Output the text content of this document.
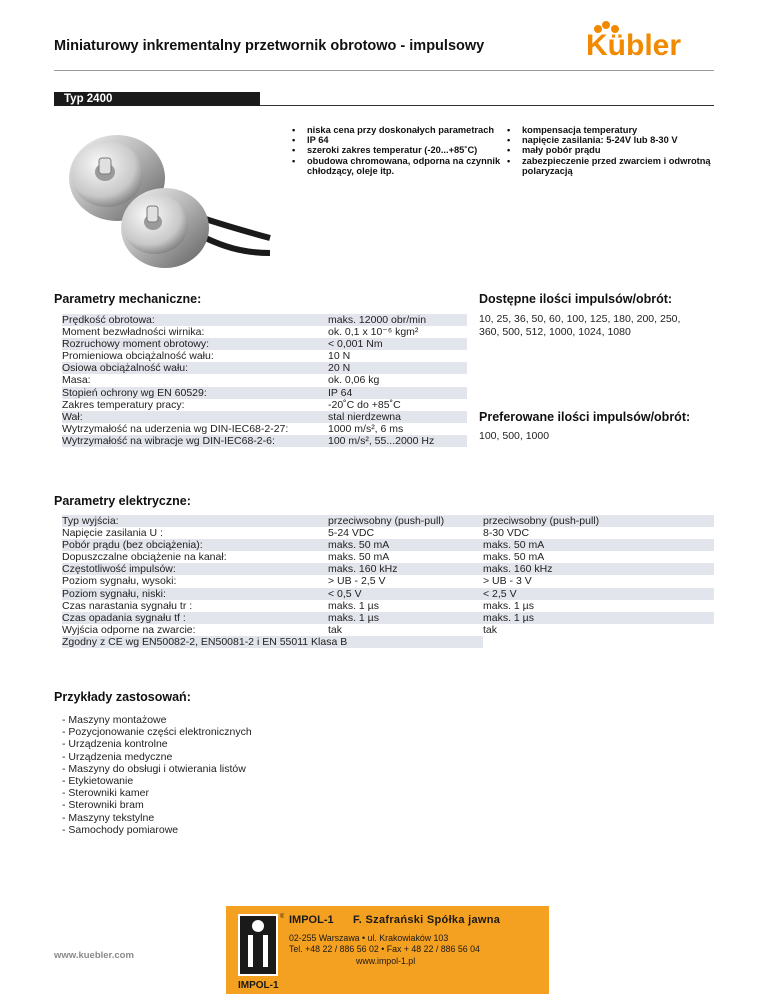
Miniaturowy inkrementalny przetwornik obrotowo - impulsowy	Kübler
Typ 2400
• niska cena przy doskonałych parametrach
• IP 64
• szeroki zakres temperatur (-20...+85˚C)
• obudowa chromowana, odporna na czynnik chłodzący, oleje itp.
• kompensacja temperatury
• napięcie zasilania: 5-24V lub 8-30 V
• mały pobór prądu
• zabezpieczenie przed zwarciem i odwrotną polaryzacją
Parametry mechaniczne:
Prędkość obrotowa:	maks. 12000 obr/min
Moment bezwładności wirnika:	ok. 0,1 x 10⁻⁶ kgm²
Rozruchowy moment obrotowy:	< 0,001 Nm
Promieniowa obciążalność wału:	10 N
Osiowa obciążalność wału:	20 N
Masa:	ok. 0,06 kg
Stopień ochrony wg EN 60529:	IP 64
Zakres temperatury pracy:	-20˚C do +85˚C
Wał:	stal nierdzewna
Wytrzymałość na uderzenia wg DIN-IEC68-2-27:	1000 m/s², 6 ms
Wytrzymałość na wibracje wg DIN-IEC68-2-6:	100 m/s², 55...2000 Hz
Dostępne ilości impulsów/obrót:
10, 25, 36, 50, 60, 100, 125, 180, 200, 250,
360, 500, 512, 1000, 1024, 1080
Preferowane ilości impulsów/obrót:
100, 500, 1000
Parametry elektryczne:
Typ wyjścia:	przeciwsobny (push-pull)	przeciwsobny (push-pull)
Napięcie zasilania U :	5-24 VDC	8-30 VDC
Pobór prądu (bez obciążenia):	maks. 50 mA	maks. 50 mA
Dopuszczalne obciążenie na kanał:	maks. 50 mA	maks. 50 mA
Częstotliwość impulsów:	maks. 160 kHz	maks. 160 kHz
Poziom sygnału, wysoki:	> UB - 2,5 V	> UB - 3 V
Poziom sygnału, niski:	< 0,5 V	< 2,5 V
Czas narastania sygnału tr :	maks. 1 µs	maks. 1 µs
Czas opadania sygnału tf :	maks. 1 µs	maks. 1 µs
Wyjścia odporne na zwarcie:	tak	tak
Zgodny z CE wg EN50082-2, EN50081-2 i EN 55011 Klasa B		
Przykłady zastosowań:
- Maszyny montażowe
- Pozycjonowanie części elektronicznych
- Urządzenia kontrolne
- Urządzenia medyczne
- Maszyny do obsługi i otwierania listów
- Etykietowanie
- Sterowniki kamer
- Sterowniki bram
- Maszyny tekstylne
- Samochody pomiarowe
www.kuebler.com
®
IMPOL-1
IMPOL-1 F. Szafrański Spółka jawna
02-255 Warszawa • ul. Krakowiaków 103
Tel. +48 22 / 886 56 02 • Fax + 48 22 / 886 56 04
www.impol-1.pl
